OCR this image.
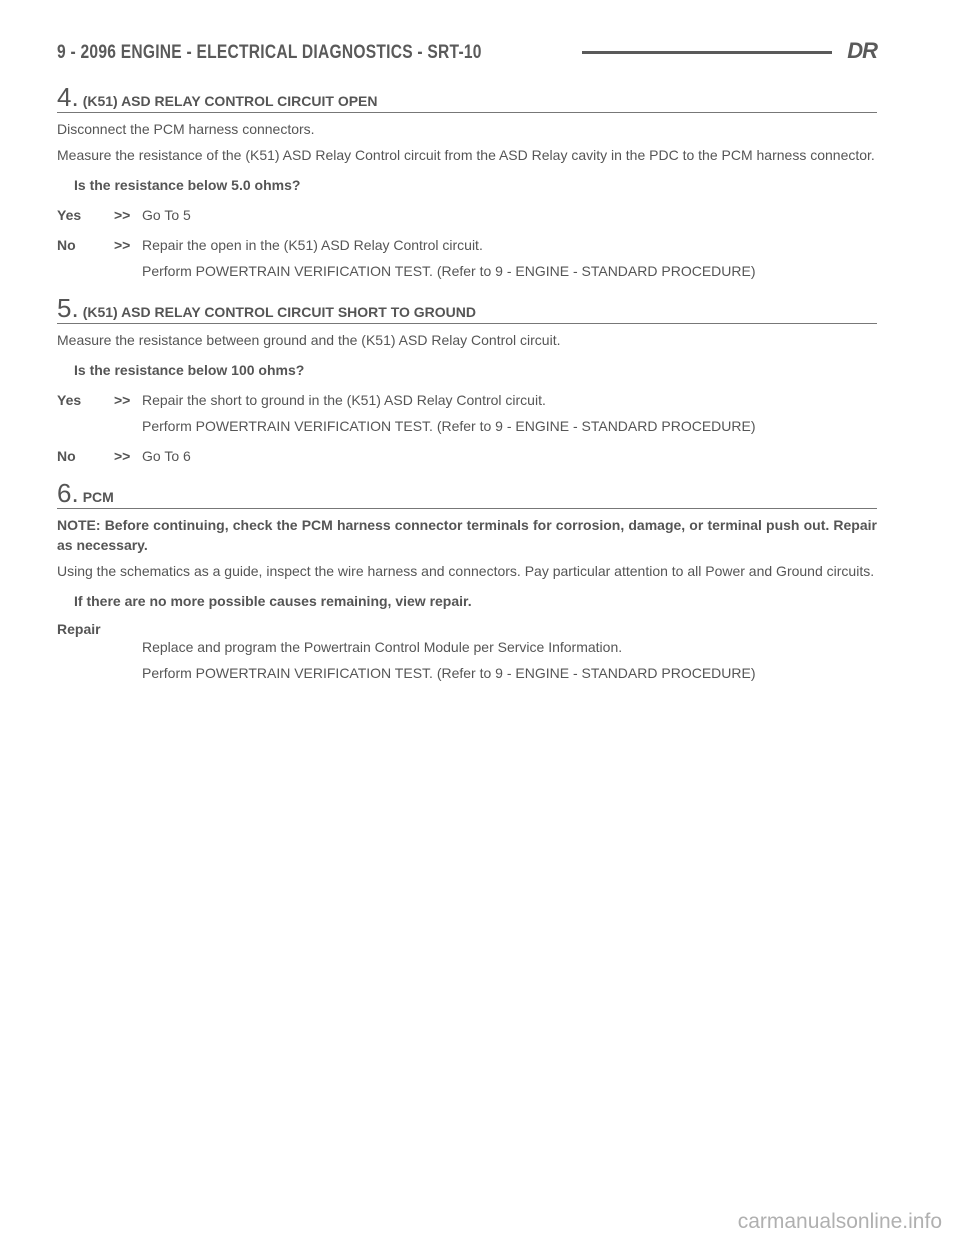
9 - 2096 ENGINE - ELECTRICAL DIAGNOSTICS - SRT-10	DR
4. (K51) ASD RELAY CONTROL CIRCUIT OPEN

Disconnect the PCM harness connectors.

Measure the resistance of the (K51) ASD Relay Control circuit from the ASD Relay cavity in the PDC to the PCM harness connector.

Is the resistance below 5.0 ohms?

Yes	>> Go To 5

No	>> Repair the open in the (K51) ASD Relay Control circuit.

Perform POWERTRAIN VERIFICATION TEST. (Refer to 9 - ENGINE - STANDARD PROCEDURE)

5. (K51) ASD RELAY CONTROL CIRCUIT SHORT TO GROUND

Measure the resistance between ground and the (K51) ASD Relay Control circuit.

Is the resistance below 100 ohms?

Yes	>> Repair the short to ground in the (K51) ASD Relay Control circuit.

Perform POWERTRAIN VERIFICATION TEST. (Refer to 9 - ENGINE - STANDARD PROCEDURE)

No	>> Go To 6

6. PCM

NOTE: Before continuing, check the PCM harness connector terminals for corrosion, damage, or terminal push out. Repair as necessary.

Using the schematics as a guide, inspect the wire harness and connectors. Pay particular attention to all Power and Ground circuits.

If there are no more possible causes remaining, view repair.

Repair

Replace and program the Powertrain Control Module per Service Information.

Perform POWERTRAIN VERIFICATION TEST. (Refer to 9 - ENGINE - STANDARD PROCEDURE)

carmanualsonline.info
